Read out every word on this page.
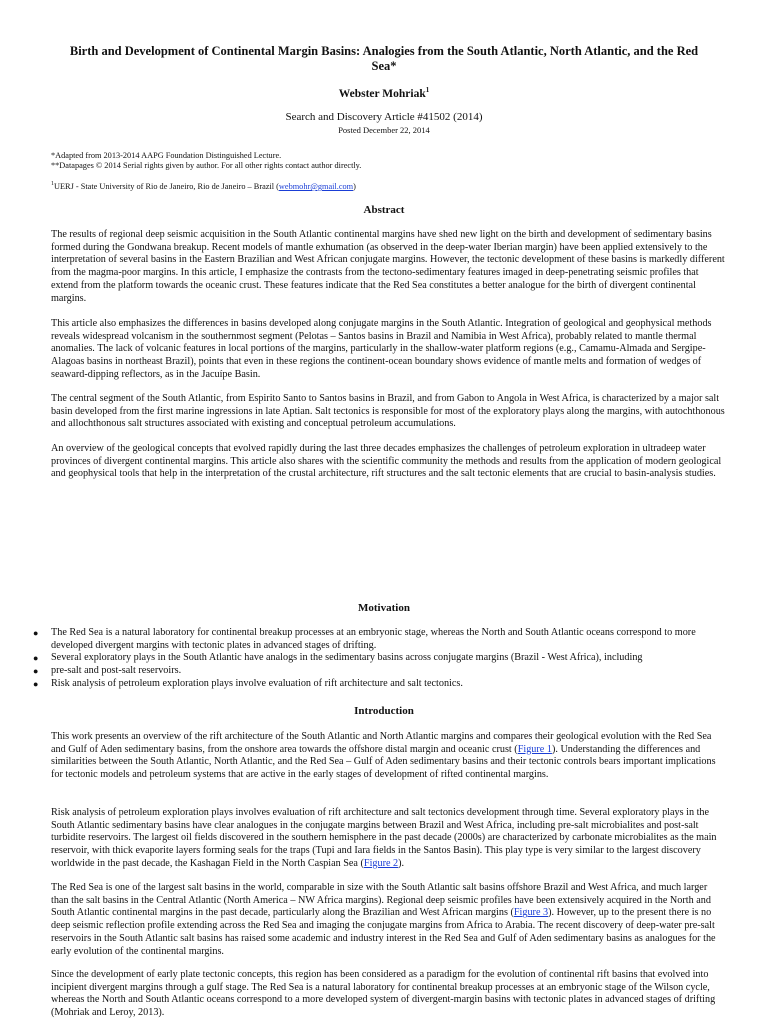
Birth and Development of Continental Margin Basins: Analogies from the South Atlantic, North Atlantic, and the Red Sea*
Webster Mohriak$^1$
Search and Discovery Article #41502 (2014)
Posted December 22, 2014
*Adapted from 2013-2014 AAPG Foundation Distinguished Lecture.
**Datapages © 2014 Serial rights given by author. For all other rights contact author directly.
$^1$UERJ - State University of Rio de Janeiro, Rio de Janeiro – Brazil (webmohr@gmail.com)
Abstract

The results of regional deep seismic acquisition in the South Atlantic continental margins have shed new light on the birth and development of sedimentary basins formed during the Gondwana breakup. Recent models of mantle exhumation (as observed in the deep-water Iberian margin) have been applied extensively to the interpretation of several basins in the Eastern Brazilian and West African conjugate margins. However, the tectonic development of these basins is markedly different from the magma-poor margins. In this article, I emphasize the contrasts from the tectono-sedimentary features imaged in deep-penetrating seismic profiles that extend from the platform towards the oceanic crust. These features indicate that the Red Sea constitutes a better analogue for the birth of divergent continental margins.

This article also emphasizes the differences in basins developed along conjugate margins in the South Atlantic. Integration of geological and geophysical methods reveals widespread volcanism in the southernmost segment (Pelotas – Santos basins in Brazil and Namibia in West Africa), probably related to mantle thermal anomalies. The lack of volcanic features in local portions of the margins, particularly in the shallow-water platform regions (e.g., Camamu-Almada and Sergipe-Alagoas basins in northeast Brazil), points that even in these regions the continent-ocean boundary shows evidence of mantle melts and formation of wedges of seaward-dipping reflectors, as in the Jacuípe Basin.

The central segment of the South Atlantic, from Espirito Santo to Santos basins in Brazil, and from Gabon to Angola in West Africa, is characterized by a major salt basin developed from the first marine ingressions in late Aptian. Salt tectonics is responsible for most of the exploratory plays along the margins, with autochthonous and allochthonous salt structures associated with existing and conceptual petroleum accumulations.

An overview of the geological concepts that evolved rapidly during the last three decades emphasizes the challenges of petroleum exploration in ultradeep water provinces of divergent continental margins. This article also shares with the scientific community the methods and results from the application of modern geological and geophysical tools that help in the interpretation of the crustal architecture, rift structures and the salt tectonic elements that are crucial to basin-analysis studies.

Motivation
● The Red Sea is a natural laboratory for continental breakup processes at an embryonic stage, whereas the North and South Atlantic oceans correspond to more developed divergent margins with tectonic plates in advanced stages of drifting.
● Several exploratory plays in the South Atlantic have analogs in the sedimentary basins across conjugate margins (Brazil - West Africa), including
● pre-salt and post-salt reservoirs.
● Risk analysis of petroleum exploration plays involve evaluation of rift architecture and salt tectonics.
Introduction

This work presents an overview of the rift architecture of the South Atlantic and North Atlantic margins and compares their geological evolution with the Red Sea and Gulf of Aden sedimentary basins, from the onshore area towards the offshore distal margin and oceanic crust (Figure 1). Understanding the differences and similarities between the South Atlantic, North Atlantic, and the Red Sea – Gulf of Aden sedimentary basins and their tectonic controls bears important implications for tectonic models and petroleum systems that are active in the early stages of development of rifted continental margins.

Risk analysis of petroleum exploration plays involves evaluation of rift architecture and salt tectonics development through time. Several exploratory plays in the South Atlantic sedimentary basins have clear analogues in the conjugate margins between Brazil and West Africa, including pre-salt microbialites and post-salt turbidite reservoirs. The largest oil fields discovered in the southern hemisphere in the past decade (2000s) are characterized by carbonate microbialites as the main reservoir, with thick evaporite layers forming seals for the traps (Tupi and Iara fields in the Santos Basin). This play type is very similar to the largest discovery worldwide in the past decade, the Kashagan Field in the North Caspian Sea (Figure 2).

The Red Sea is one of the largest salt basins in the world, comparable in size with the South Atlantic salt basins offshore Brazil and West Africa, and much larger than the salt basins in the Central Atlantic (North America – NW Africa margins). Regional deep seismic profiles have been extensively acquired in the North and South Atlantic continental margins in the past decade, particularly along the Brazilian and West African margins (Figure 3). However, up to the present there is no deep seismic reflection profile extending across the Red Sea and imaging the conjugate margins from Africa to Arabia. The recent discovery of deep-water pre-salt reservoirs in the South Atlantic salt basins has raised some academic and industry interest in the Red Sea and Gulf of Aden sedimentary basins as analogues for the early evolution of the continental margins.

Since the development of early plate tectonic concepts, this region has been considered as a paradigm for the evolution of continental rift basins that evolved into incipient divergent margins through a gulf stage. The Red Sea is a natural laboratory for continental breakup processes at an embryonic stage of the Wilson cycle, whereas the North and South Atlantic oceans correspond to a more developed system of divergent-margin basins with tectonic plates in advanced stages of drifting (Mohriak and Leroy, 2013).
